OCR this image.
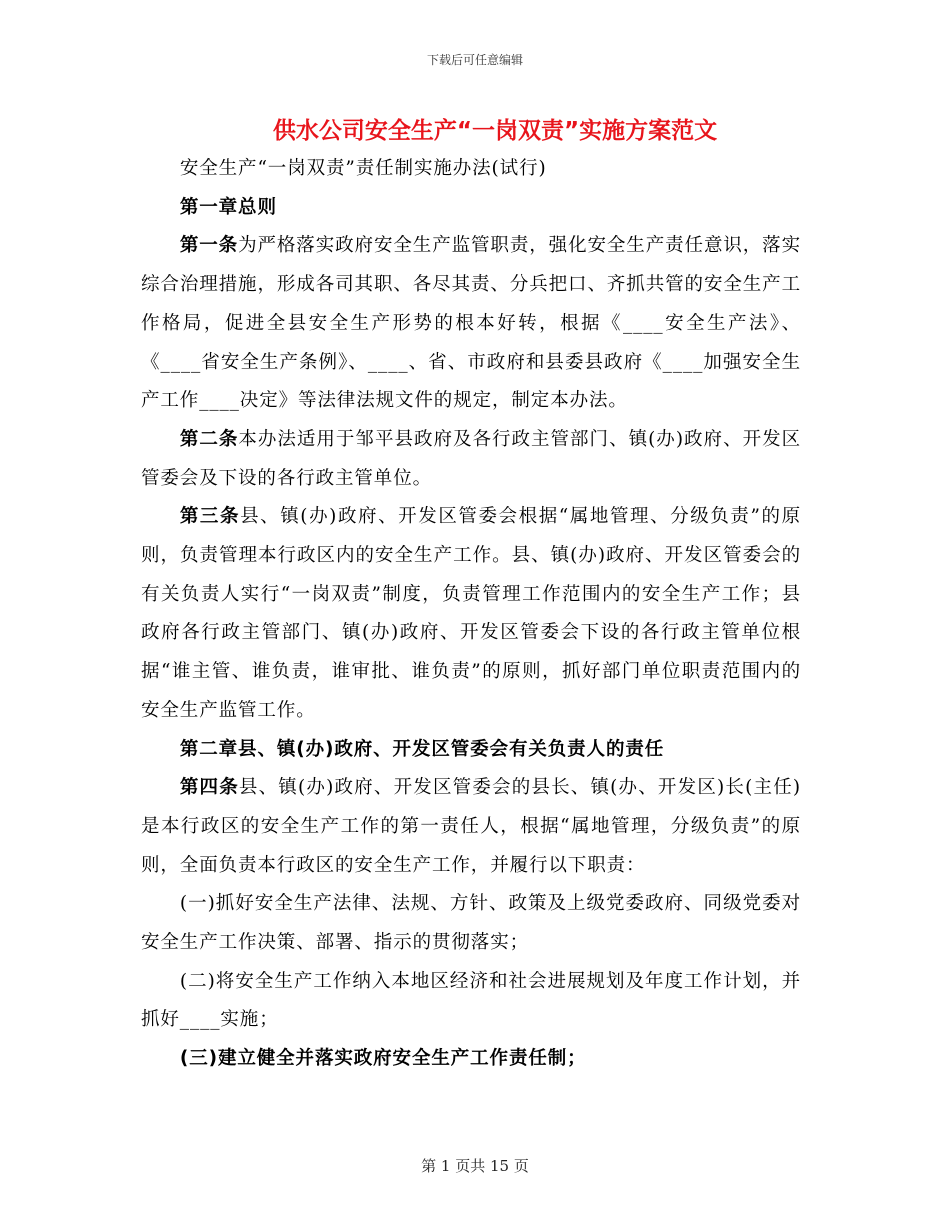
下载后可任意编辑
供水公司安全生产“一岗双责”实施方案范文

安全生产“一岗双责”责任制实施办法(试行)

第一章总则

第一条为严格落实政府安全生产监管职责，强化安全生产责任意识，落实综合治理措施，形成各司其职、各尽其责、分兵把口、齐抓共管的安全生产工作格局，促进全县安全生产形势的根本好转，根据《____安全生产法》、《____省安全生产条例》、____、省、市政府和县委县政府《____加强安全生产工作____决定》等法律法规文件的规定，制定本办法。

第二条本办法适用于邹平县政府及各行政主管部门、镇(办)政府、开发区管委会及下设的各行政主管单位。

第三条县、镇(办)政府、开发区管委会根据“属地管理、分级负责”的原则，负责管理本行政区内的安全生产工作。县、镇(办)政府、开发区管委会的有关负责人实行“一岗双责”制度，负责管理工作范围内的安全生产工作；县政府各行政主管部门、镇(办)政府、开发区管委会下设的各行政主管单位根据“谁主管、谁负责，谁审批、谁负责”的原则，抓好部门单位职责范围内的安全生产监管工作。

第二章县、镇(办)政府、开发区管委会有关负责人的责任

第四条县、镇(办)政府、开发区管委会的县长、镇(办、开发区)长(主任)是本行政区的安全生产工作的第一责任人，根据“属地管理，分级负责”的原则，全面负责本行政区的安全生产工作，并履行以下职责：

(一)抓好安全生产法律、法规、方针、政策及上级党委政府、同级党委对安全生产工作决策、部署、指示的贯彻落实；

(二)将安全生产工作纳入本地区经济和社会进展规划及年度工作计划，并抓好____实施；

(三)建立健全并落实政府安全生产工作责任制；

第 1 页共 15 页
